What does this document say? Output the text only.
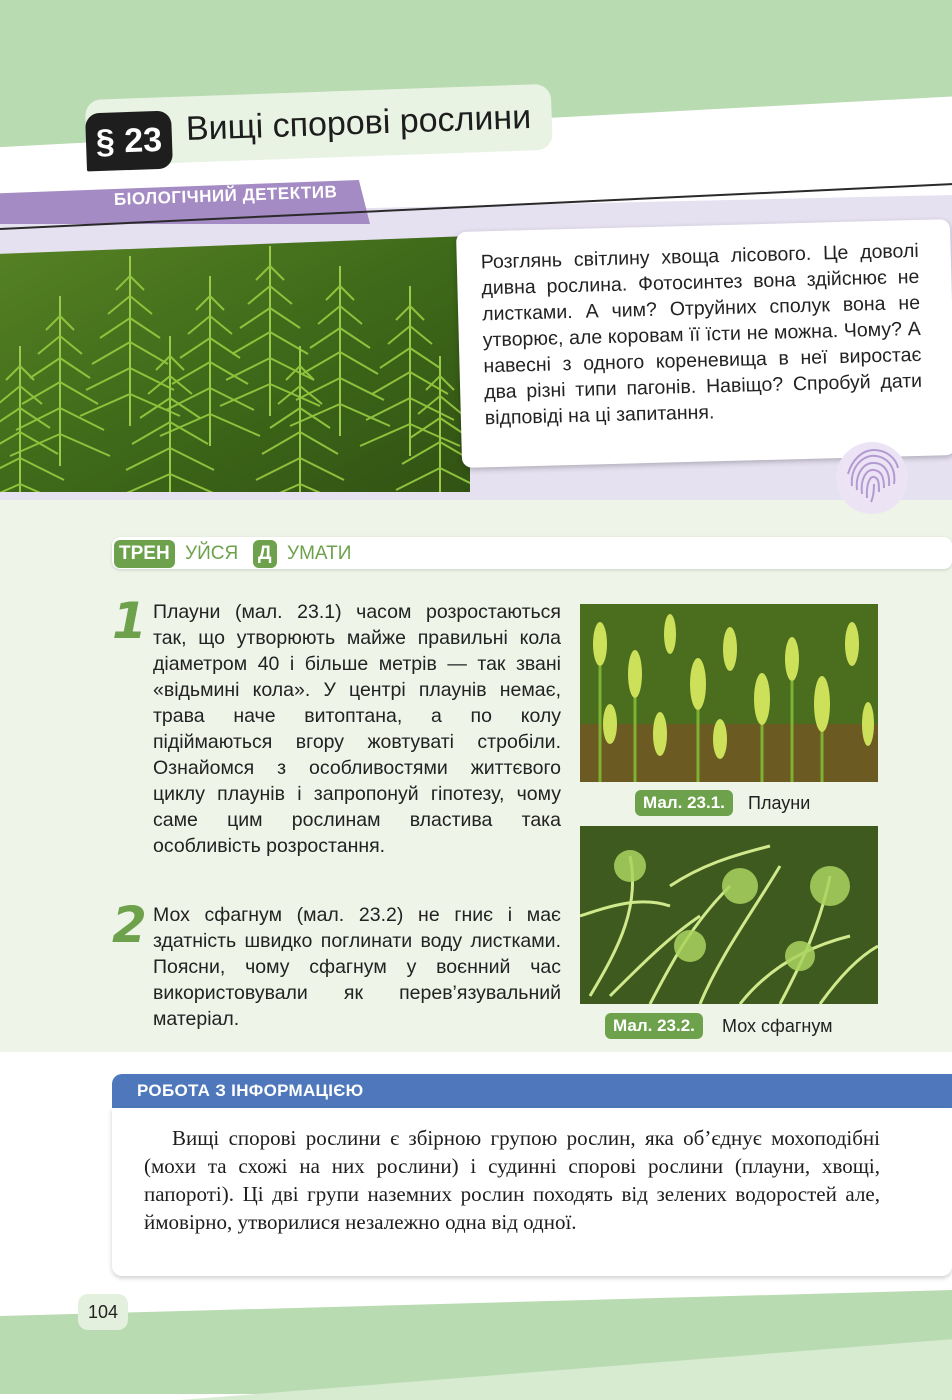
§ 23 Вищі спорові рослини
БІОЛОГІЧНИЙ ДЕТЕКТИВ
Розглянь світлину хвоща лісового. Це доволі дивна рослина. Фотосинтез вона здійснює не листками. А чим? Отруйних сполук вона не утворює, але коровам її їсти не можна. Чому? А навесні з одного кореневища в неї виростає два різні типи пагонів. Навіщо? Спробуй дати відповіді на ці запитання.
ТРЕН УЙСЯ Д УМАТИ
1 Плауни (мал. 23.1) часом розростаються так, що утворюють майже правильні кола діаметром 40 і більше метрів — так звані «відьмині кола». У центрі плаунів немає, трава наче витоптана, а по колу підіймаються вгору жовтуваті стробіли. Ознайомся з особливостями життєвого циклу плаунів і запропонуй гіпотезу, чому саме цим рослинам властива така особливість розростання.
2 Мох сфагнум (мал. 23.2) не гниє і має здатність швидко поглинати воду листками. Поясни, чому сфагнум у воєнний час використовували як перев’язувальний матеріал.
Мал. 23.1.	Плауни
Мал. 23.2.	Мох сфагнум
РОБОТА З ІНФОРМАЦІЄЮ
Вищі спорові рослини є збірною групою рослин, яка об’єднує мохоподібні (мохи та схожі на них рослини) і судинні спорові рослини (плауни, хвощі, папороті). Ці дві групи наземних рослин походять від зелених водоростей але, ймовірно, утворилися незалежно одна від одної.
104
